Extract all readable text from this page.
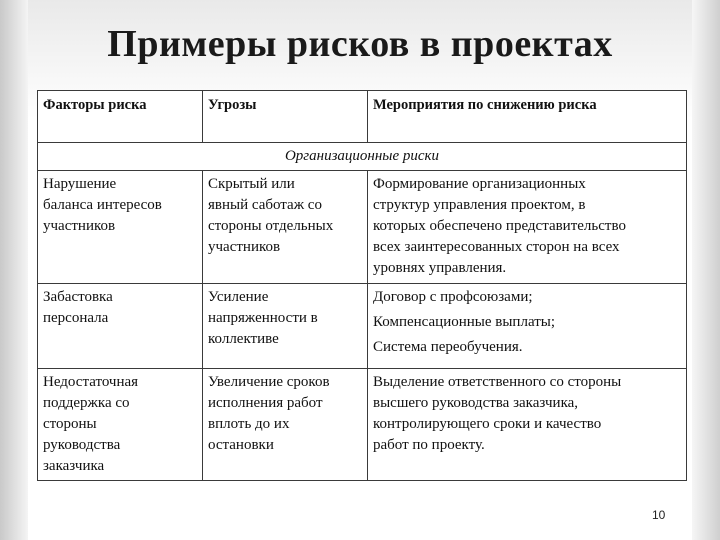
Примеры рисков в проектах
Факторы риска	Угрозы	Мероприятия по снижению риска
Организационные риски		

Нарушение
баланса интересов
участников	Скрытый или
явный саботаж со
стороны отдельных
участников	Формирование организационных
структур управления проектом, в
которых обеспечено представительство
всех заинтересованных сторон на всех
уровнях управления.

Забастовка
персонала	Усиление
напряженности в
коллективе	Договор с профсоюзами;
Компенсационные выплаты;
Система переобучения.

Недостаточная
поддержка со
стороны
руководства
заказчика	Увеличение сроков
исполнения работ
вплоть до их
остановки	Выделение ответственного со стороны
высшего руководства заказчика,
контролирующего сроки и качество
работ по проекту.
10
